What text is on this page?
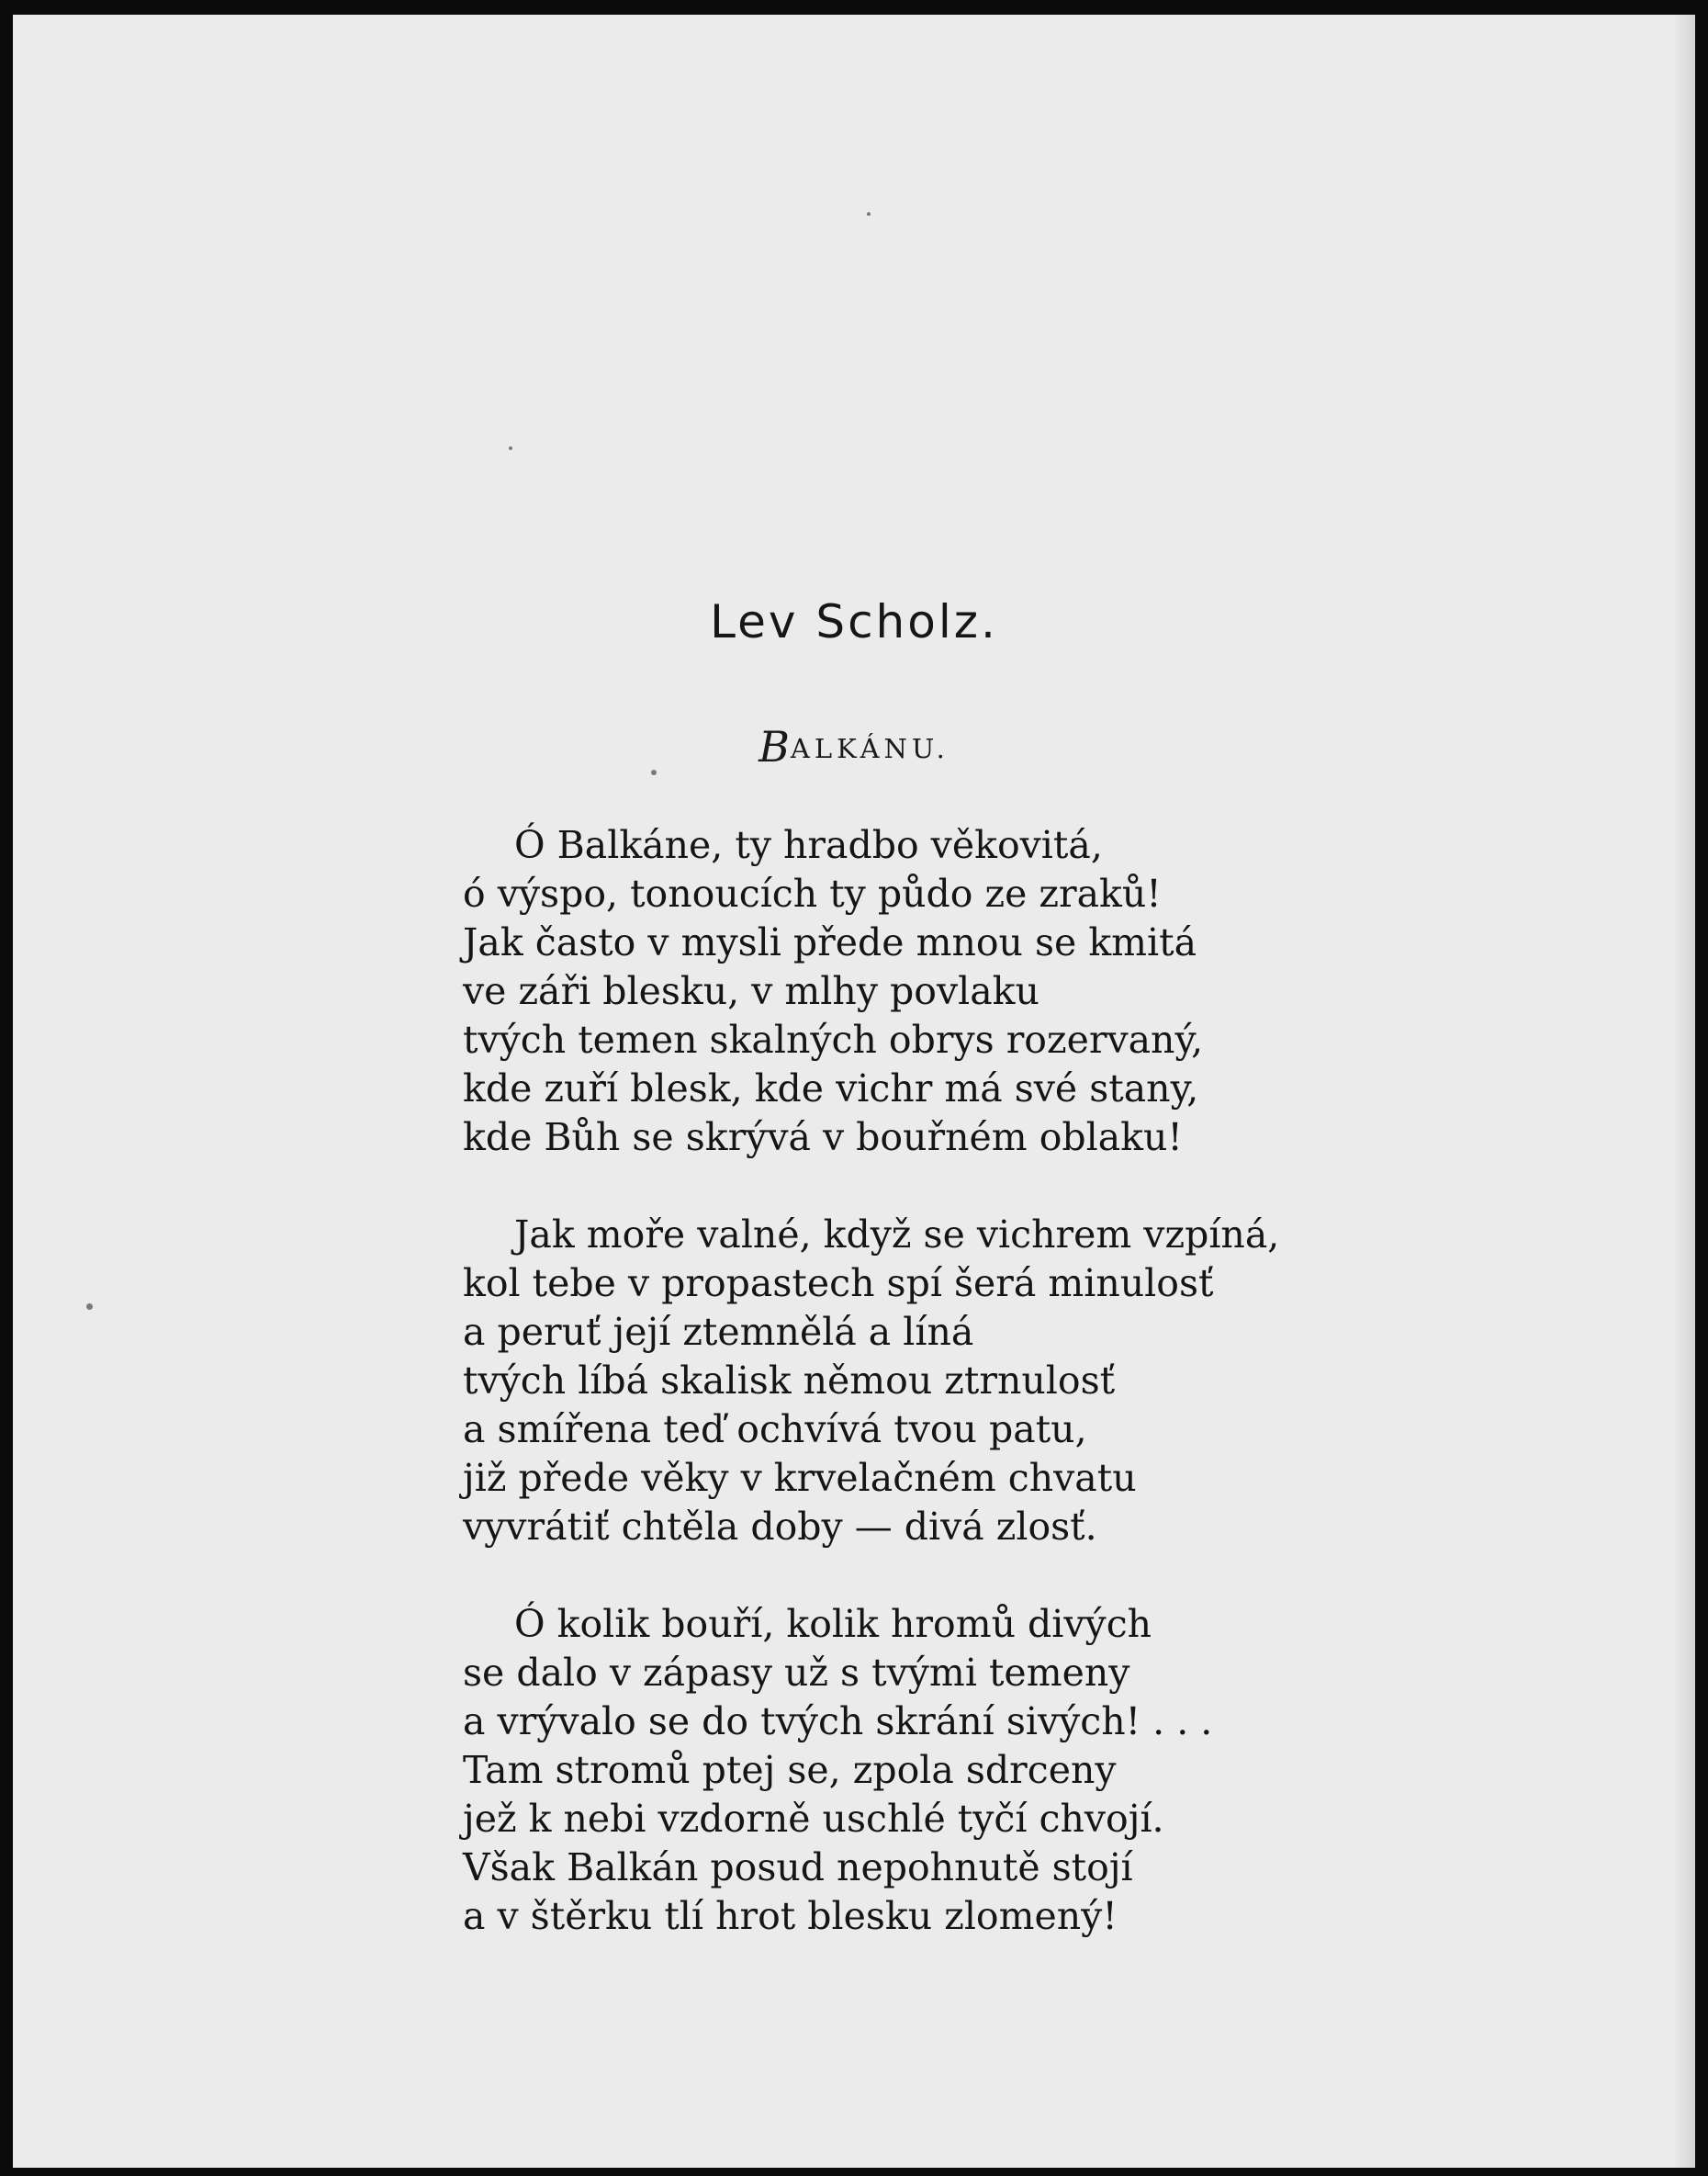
Lev Scholz.
BALKÁNU.
Ó Balkáne, ty hradbo věkovitá,
ó výspo, tonoucích ty půdo ze zraků!
Jak často v mysli přede mnou se kmitá
ve záři blesku, v mlhy povlaku
tvých temen skalných obrys rozervaný,
kde zuří blesk, kde vichr má své stany,
kde Bůh se skrývá v bouřném oblaku!
Jak moře valné, když se vichrem vzpíná,
kol tebe v propastech spí šerá minulosť
a peruť její ztemnělá a líná
tvých líbá skalisk němou ztrnulosť
a smířena teď ochvívá tvou patu,
již přede věky v krvelačném chvatu
vyvrátiť chtěla doby — divá zlosť.
Ó kolik bouří, kolik hromů divých
se dalo v zápasy už s tvými temeny
a vrývalo se do tvých skrání sivých! . . .
Tam stromů ptej se, zpola sdrceny
jež k nebi vzdorně uschlé tyčí chvojí.
Však Balkán posud nepohnutě stojí
a v štěrku tlí hrot blesku zlomený!
